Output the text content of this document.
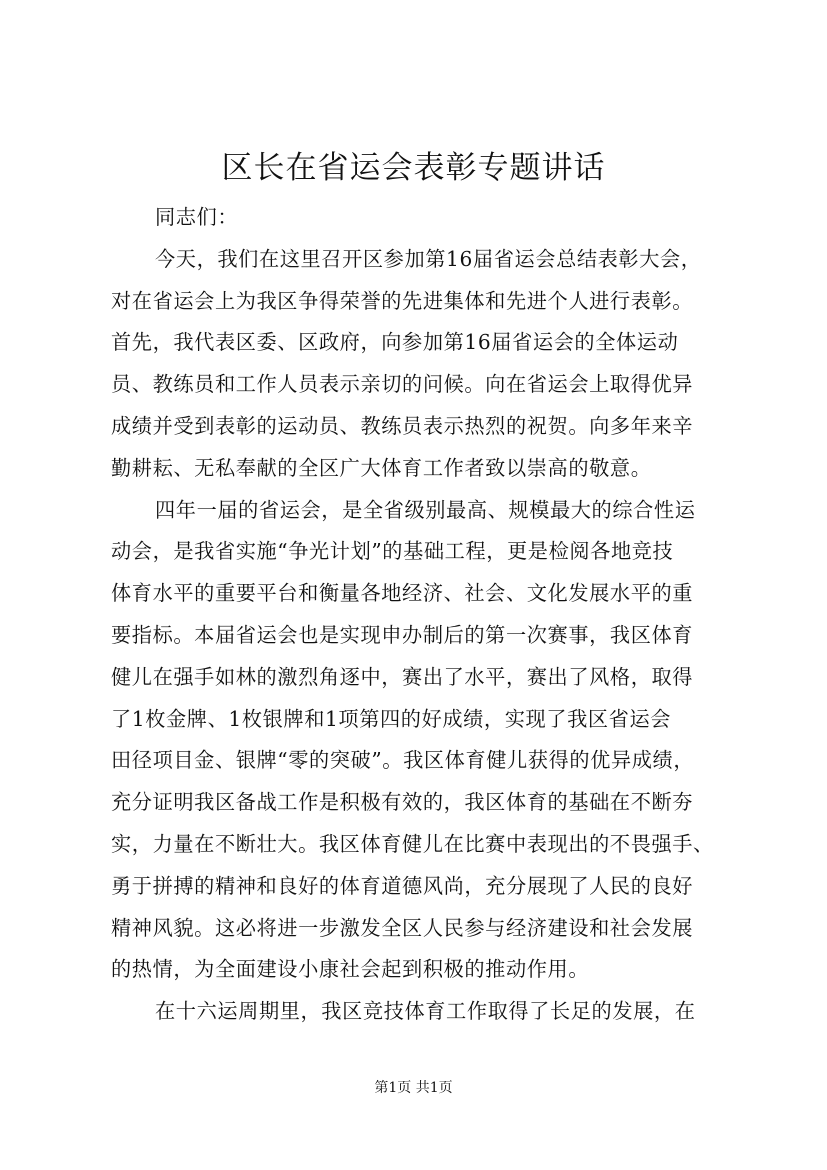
区长在省运会表彰专题讲话
同志们：
今天，我们在这里召开区参加第16届省运会总结表彰大会，
对在省运会上为我区争得荣誉的先进集体和先进个人进行表彰。
首先，我代表区委、区政府，向参加第16届省运会的全体运动
员、教练员和工作人员表示亲切的问候。向在省运会上取得优异
成绩并受到表彰的运动员、教练员表示热烈的祝贺。向多年来辛
勤耕耘、无私奉献的全区广大体育工作者致以崇高的敬意。
四年一届的省运会，是全省级别最高、规模最大的综合性运
动会，是我省实施“争光计划”的基础工程，更是检阅各地竞技
体育水平的重要平台和衡量各地经济、社会、文化发展水平的重
要指标。本届省运会也是实现申办制后的第一次赛事，我区体育
健儿在强手如林的激烈角逐中，赛出了水平，赛出了风格，取得
了1枚金牌、1枚银牌和1项第四的好成绩，实现了我区省运会
田径项目金、银牌“零的突破”。我区体育健儿获得的优异成绩，
充分证明我区备战工作是积极有效的，我区体育的基础在不断夯
实，力量在不断壮大。我区体育健儿在比赛中表现出的不畏强手、
勇于拼搏的精神和良好的体育道德风尚，充分展现了人民的良好
精神风貌。这必将进一步激发全区人民参与经济建设和社会发展
的热情，为全面建设小康社会起到积极的推动作用。
在十六运周期里，我区竞技体育工作取得了长足的发展，在
第1页 共1页
